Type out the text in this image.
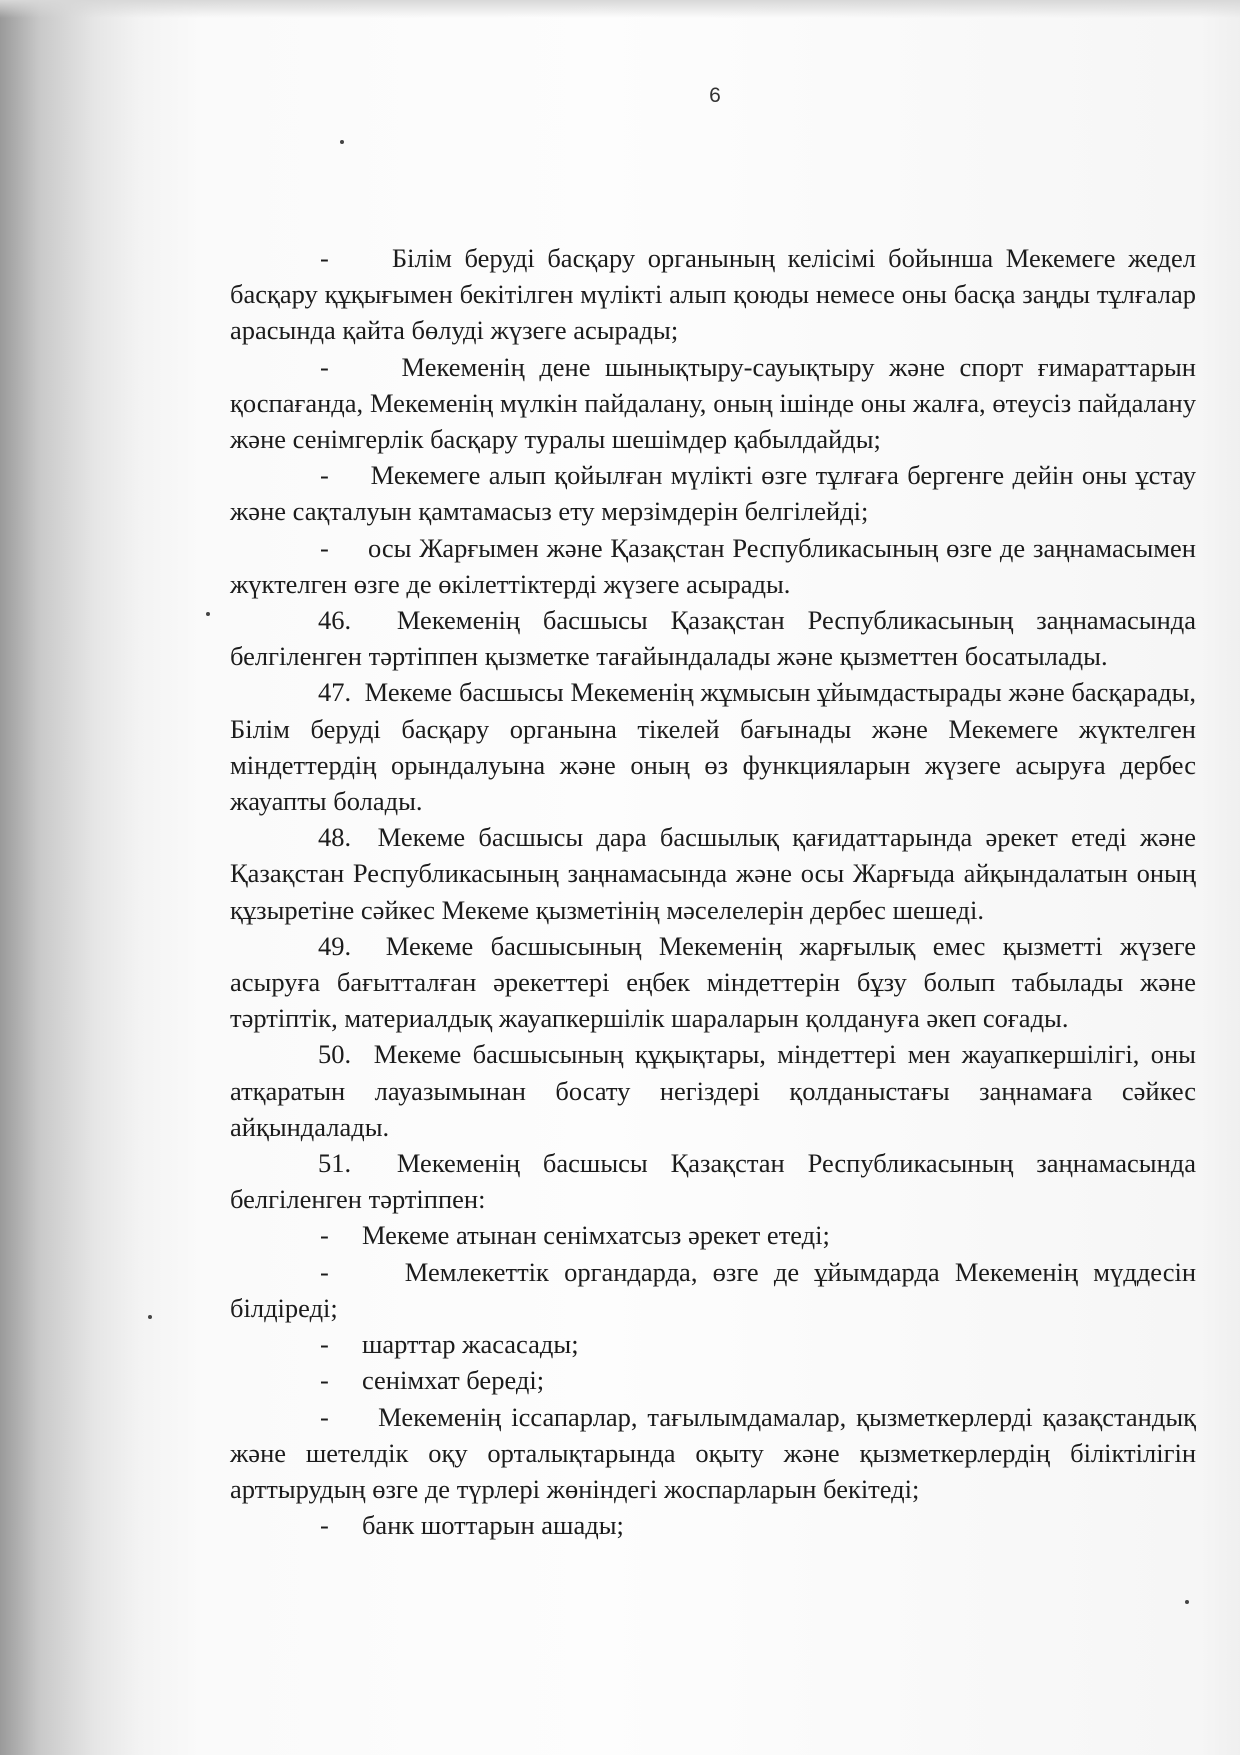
6

-     Білім беруді басқару органының келісімі бойынша Мекемеге жедел басқару құқығымен бекітілген мүлікті алып қоюды немесе оны басқа заңды тұлғалар арасында қайта бөлуді жүзеге асырады;

-     Мекеменің дене шынықтыру-сауықтыру және спорт ғимараттарын қоспағанда, Мекеменің мүлкін пайдалану, оның ішінде оны жалға, өтеусіз пайдалану және сенімгерлік басқару туралы шешімдер қабылдайды;

-     Мекемеге алып қойылған мүлікті өзге тұлғаға бергенге дейін оны ұстау және сақталуын қамтамасыз ету мерзімдерін белгілейді;

-     осы Жарғымен және Қазақстан Республикасының өзге де заңнамасымен жүктелген өзге де өкілеттіктерді жүзеге асырады.

46.  Мекеменің басшысы Қазақстан Республикасының заңнамасында белгіленген тәртіппен қызметке тағайындалады және қызметтен босатылады.

47.  Мекеме басшысы Мекеменің жұмысын ұйымдастырады және басқарады, Білім беруді басқару органына тікелей бағынады және Мекемеге жүктелген міндеттердің орындалуына және оның өз функцияларын жүзеге асыруға дербес жауапты болады.

48.  Мекеме басшысы дара басшылық қағидаттарында әрекет етеді және Қазақстан Республикасының заңнамасында және осы Жарғыда айқындалатын оның құзыретіне сәйкес Мекеме қызметінің мәселелерін дербес шешеді.

49.  Мекеме басшысының Мекеменің жарғылық емес қызметті жүзеге асыруға бағытталған әрекеттері еңбек міндеттерін бұзу болып табылады және тәртіптік, материалдық жауапкершілік шараларын қолдануға әкеп соғады.

50.  Мекеме басшысының құқықтары, міндеттері мен жауапкершілігі, оны атқаратын лауазымынан босату негіздері қолданыстағы заңнамаға сәйкес айқындалады.

51.  Мекеменің басшысы Қазақстан Республикасының заңнамасында белгіленген тәртіппен:

-     Мекеме атынан сенімхатсыз әрекет етеді;

-     Мемлекеттік органдарда, өзге де ұйымдарда Мекеменің мүддесін білдіреді;

-     шарттар жасасады;

-     сенімхат береді;

-     Мекеменің іссапарлар, тағылымдамалар, қызметкерлерді қазақстандық және шетелдік оқу орталықтарында оқыту және қызметкерлердің біліктілігін арттырудың өзге де түрлері жөніндегі жоспарларын бекітеді;

-     банк шоттарын ашады;
